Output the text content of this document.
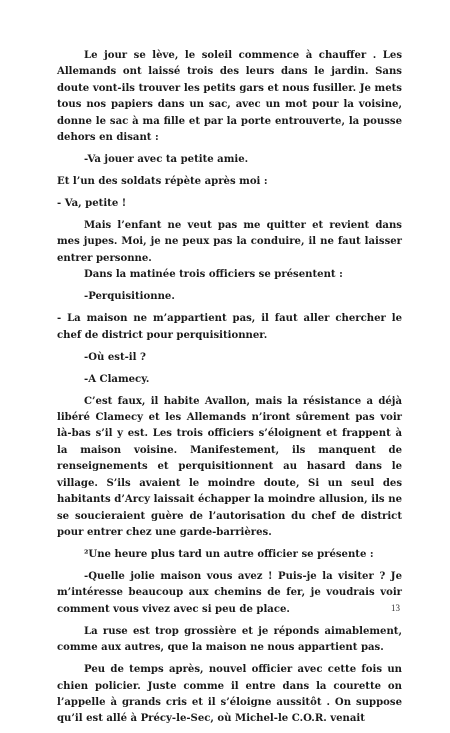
Le jour se lève, le soleil commence à chauffer . Les Allemands ont laissé trois des leurs dans le jardin. Sans doute vont-ils trouver les petits gars et nous fusiller. Je mets tous nos papiers dans un sac, avec un mot pour la voisine, donne le sac à ma fille et par la porte entrouverte, la pousse dehors en disant :

-Va jouer avec ta petite amie.

Et l’un des soldats répète après moi :

- Va, petite !

Mais l’enfant ne veut pas me quitter et revient dans mes jupes. Moi, je ne peux pas la conduire, il ne faut laisser entrer personne.

Dans la matinée trois officiers se présentent :

-Perquisitionne.

- La maison ne m’appartient pas, il faut aller chercher le chef de district pour perquisitionner.

-Où est-il ?

-A Clamecy.

C’est faux, il habite Avallon, mais la résistance a déjà libéré Clamecy et les Allemands n’iront sûrement pas voir là-bas s’il y est. Les trois officiers s’éloignent et frappent à la maison voisine. Manifestement, ils manquent de renseignements et perquisitionnent au hasard dans le village. S’ils avaient le moindre doute, Si un seul des habitants d’Arcy laissait échapper la moindre allusion, ils ne se soucieraient guère de l’autorisation du chef de district pour entrer chez une garde-barrières.

²Une heure plus tard un autre officier se présente :

-Quelle jolie maison vous avez ! Puis-je la visiter ? Je m’intéresse beaucoup aux chemins de fer, je voudrais voir comment vous vivez avec si peu de place.

La ruse est trop grossière et je réponds aimablement, comme aux autres, que la maison ne nous appartient pas.

Peu de temps après, nouvel officier avec cette fois un chien policier. Juste comme il entre dans la courette on l’appelle à grands cris et il s’éloigne aussitôt . On suppose qu’il est allé à Précy-le-Sec, où Michel-le C.O.R. venait

13
